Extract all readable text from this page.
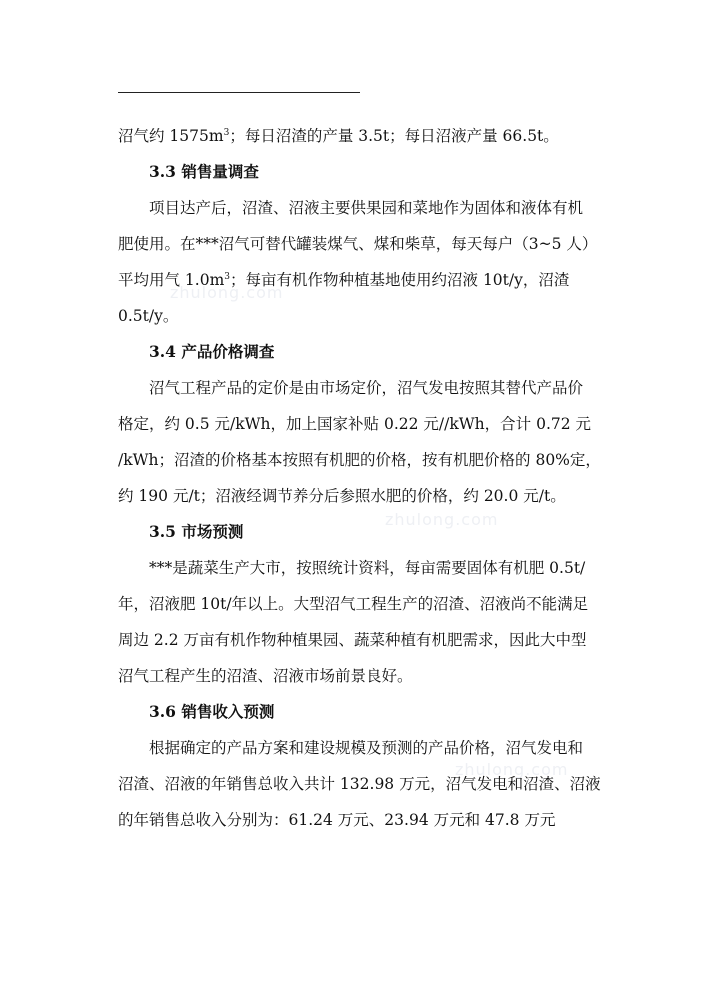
zhulong.com
zhulong.com
zhulong.com
沼气约 $1575m^3$；每日沼渣的产量 3.5t；每日沼液产量 66.5t。
3.3 销售量调查
项目达产后，沼渣、沼液主要供果园和菜地作为固体和液体有机
肥使用。在***沼气可替代罐装煤气、煤和柴草，每天每户（3~5 人）
平均用气 $1.0m^3$；每亩有机作物种植基地使用约沼液 10t/y，沼渣
0.5t/y。
3.4 产品价格调查
沼气工程产品的定价是由市场定价，沼气发电按照其替代产品价
格定，约 0.5 元/kWh，加上国家补贴 0.22 元//kWh，合计 0.72 元
/kWh；沼渣的价格基本按照有机肥的价格，按有机肥价格的 80%定，
约 190 元/t；沼液经调节养分后参照水肥的价格，约 20.0 元/t。
3.5 市场预测
***是蔬菜生产大市，按照统计资料，每亩需要固体有机肥 0.5t/
年，沼液肥 10t/年以上。大型沼气工程生产的沼渣、沼液尚不能满足
周边 2.2 万亩有机作物种植果园、蔬菜种植有机肥需求，因此大中型
沼气工程产生的沼渣、沼液市场前景良好。
3.6 销售收入预测
根据确定的产品方案和建设规模及预测的产品价格，沼气发电和
沼渣、沼液的年销售总收入共计 132.98 万元，沼气发电和沼渣、沼液
的年销售总收入分别为：61.24 万元、23.94 万元和 47.8 万元
